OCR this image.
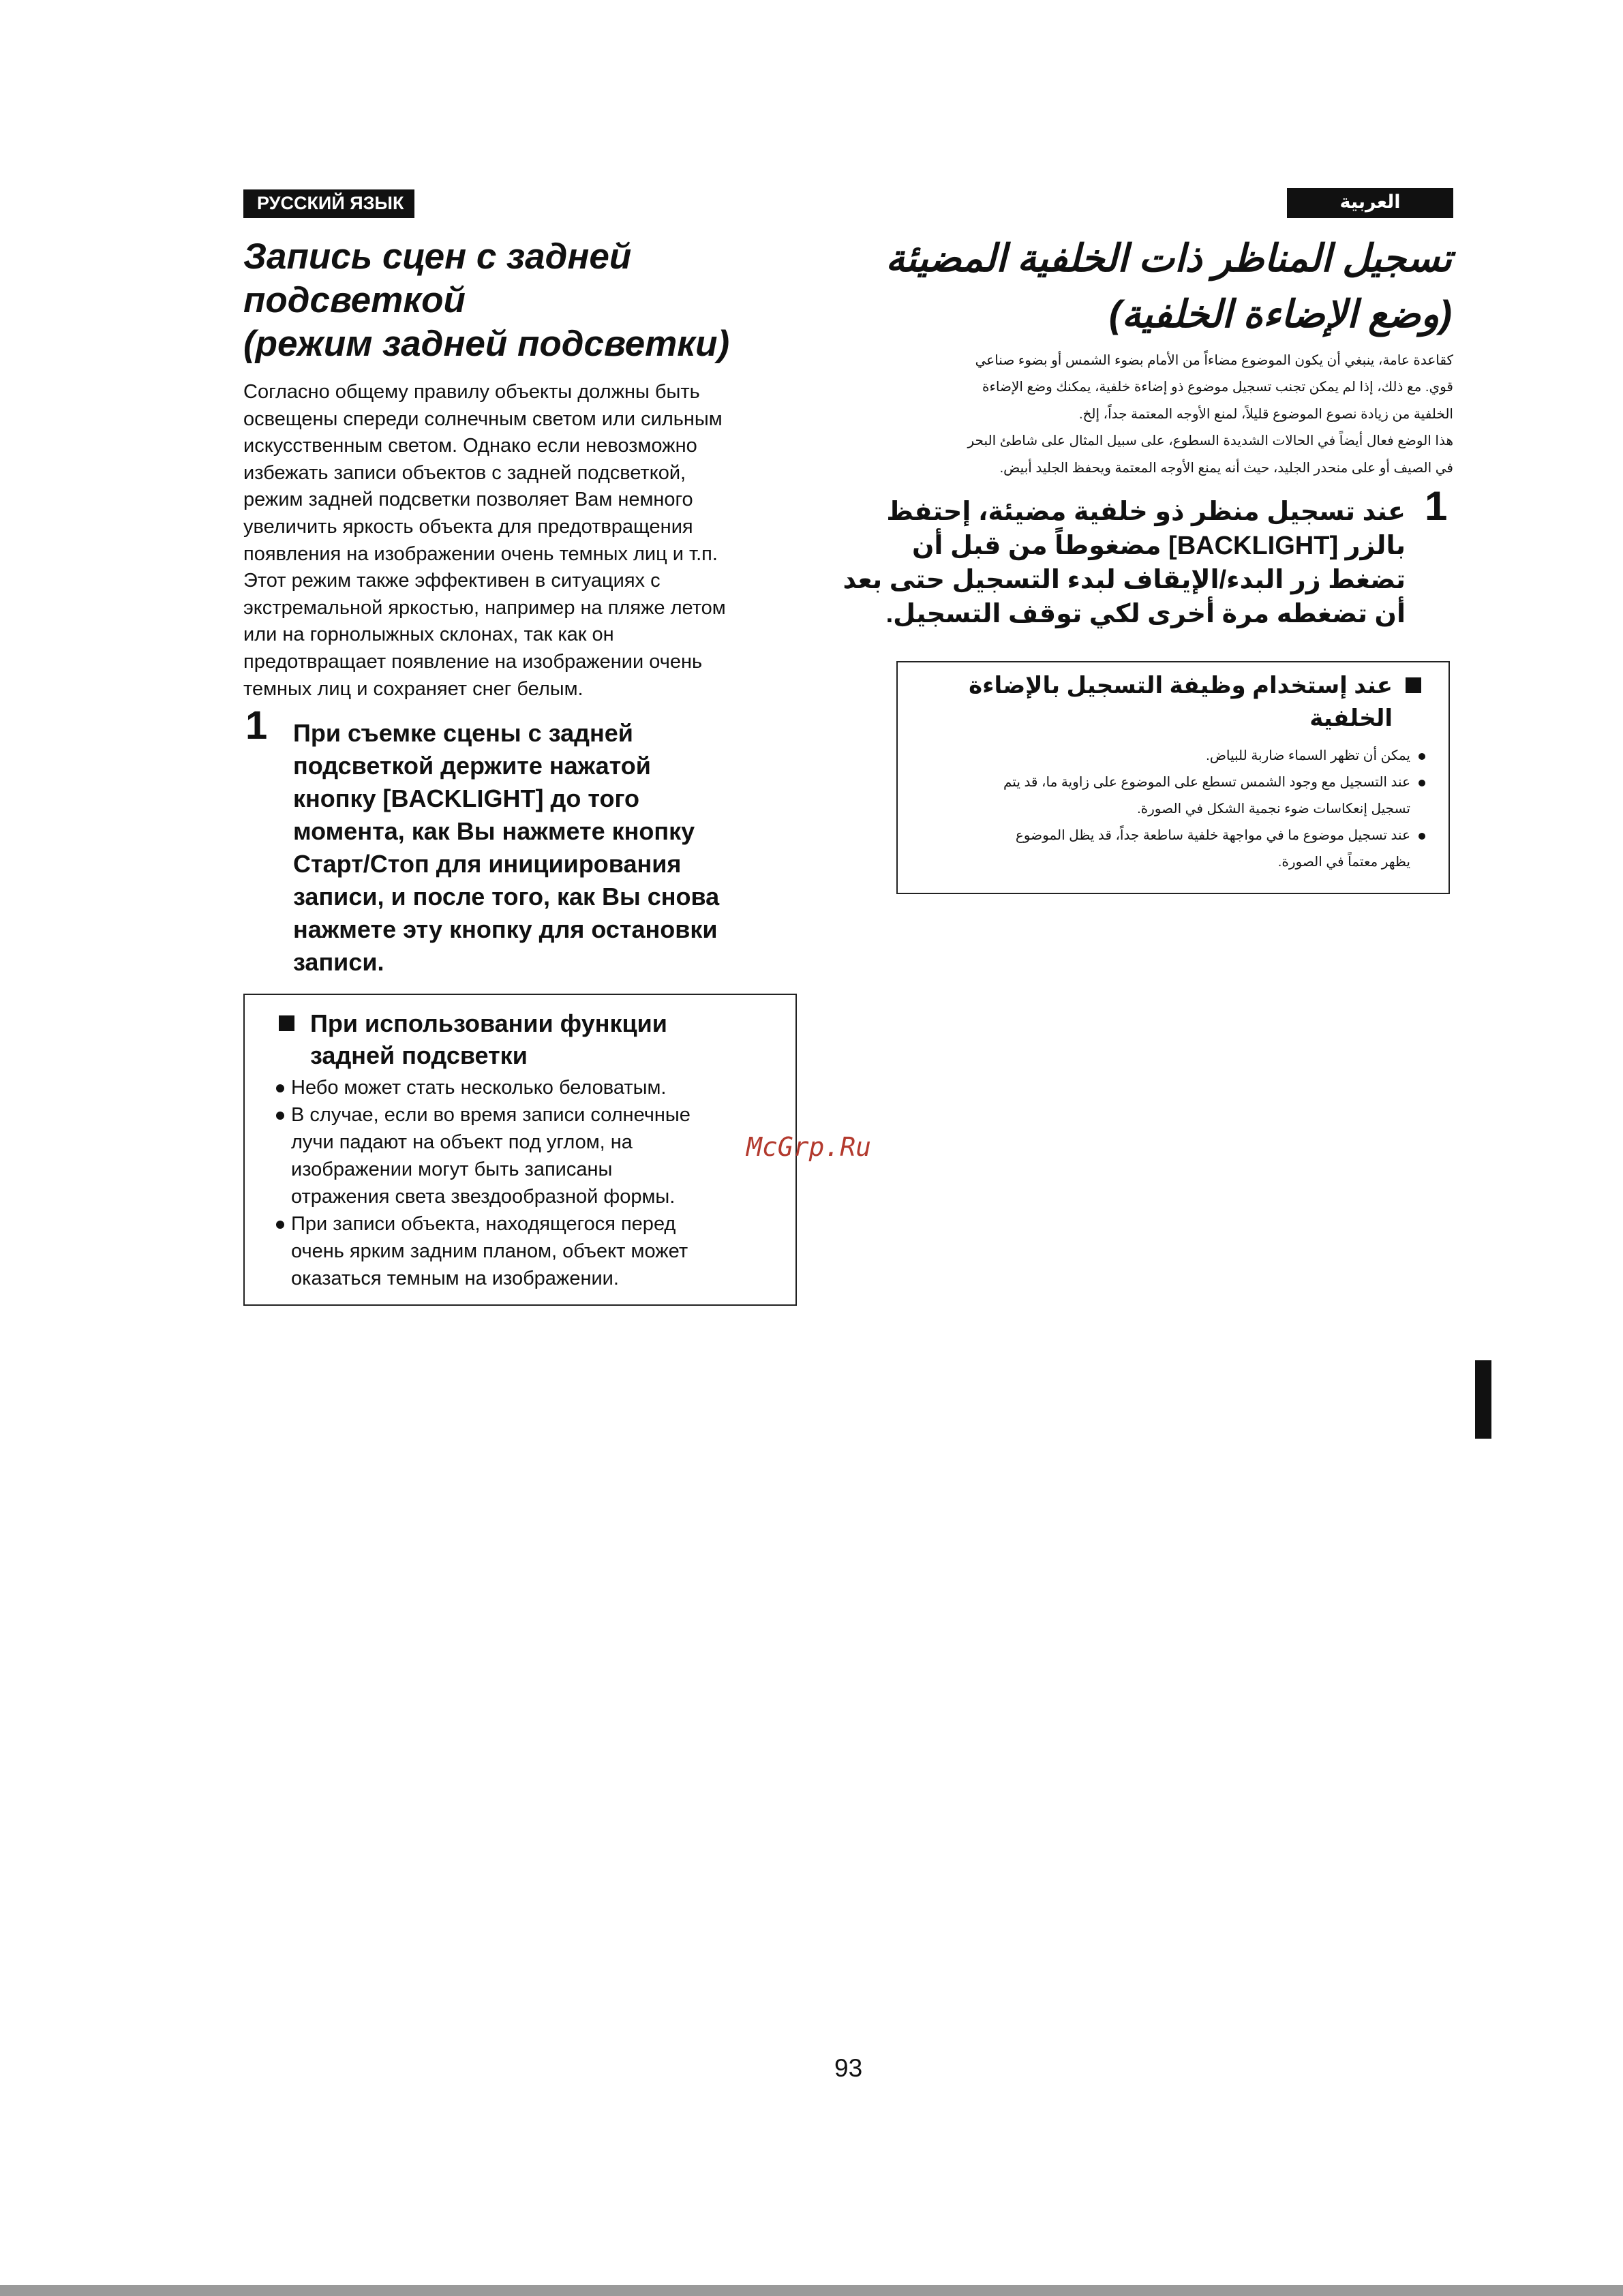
РУССКИЙ ЯЗЫК	العربية
Запись сцен с задней
подсветкой
(режим задней подсветки)
Согласно общему правилу объекты должны быть
освещены спереди солнечным светом или сильным
искусственным светом. Однако если невозможно
избежать записи объектов с задней подсветкой,
режим задней подсветки позволяет Вам немного
увеличить яркость объекта для предотвращения
появления на изображении очень темных лиц и т.п.
Этот режим также эффективен в ситуациях с
экстремальной яркостью, например на пляже летом
или на горнолыжных склонах, так как он
предотвращает появление на изображении очень
темных лиц и сохраняет снег белым.
1 При съемке сцены с задней
подсветкой держите нажатой
кнопку [BACKLIGHT] до того
момента, как Вы нажмете кнопку
Старт/Стоп для инициирования
записи, и после того, как Вы снова
нажмете эту кнопку для остановки
записи.
При использовании функции
задней подсветки
Небо может стать несколько беловатым.
В случае, если во время записи солнечные
лучи падают на объект под углом, на
изображении могут быть записаны
отражения света звездообразной формы.
При записи объекта, находящегося перед
очень ярким задним планом, объект может
оказаться темным на изображении.
تسجيل المناظر ذات الخلفية المضيئة
(وضع الإضاءة الخلفية)
كقاعدة عامة، ينبغي أن يكون الموضوع مضاءاً من الأمام بضوء الشمس أو بضوء صناعي
قوي. مع ذلك، إذا لم يمكن تجنب تسجيل موضوع ذو إضاءة خلفية، يمكنك وضع الإضاءة
الخلفية من زيادة نصوع الموضوع قليلاً، لمنع الأوجه المعتمة جداً، إلخ.
هذا الوضع فعال أيضاً في الحالات الشديدة السطوع، على سبيل المثال على شاطئ البحر
في الصيف أو على منحدر الجليد، حيث أنه يمنع الأوجه المعتمة ويحفظ الجليد أبيض.
1
عند تسجيل منظر ذو خلفية مضيئة، إحتفظ
بالزر [BACKLIGHT] مضغوطاً من قبل أن
تضغط زر البدء/الإيقاف لبدء التسجيل حتى بعد
أن تضغطه مرة أخرى لكي توقف التسجيل.
عند إستخدام وظيفة التسجيل بالإضاءة
الخلفية
يمكن أن تظهر السماء ضاربة للبياض.
عند التسجيل مع وجود الشمس تسطع على الموضوع على زاوية ما، قد يتم
تسجيل إنعكاسات ضوء نجمية الشكل في الصورة.
عند تسجيل موضوع ما في مواجهة خلفية ساطعة جداً، قد يظل الموضوع
يظهر معتماً في الصورة.
McGrp.Ru
93
